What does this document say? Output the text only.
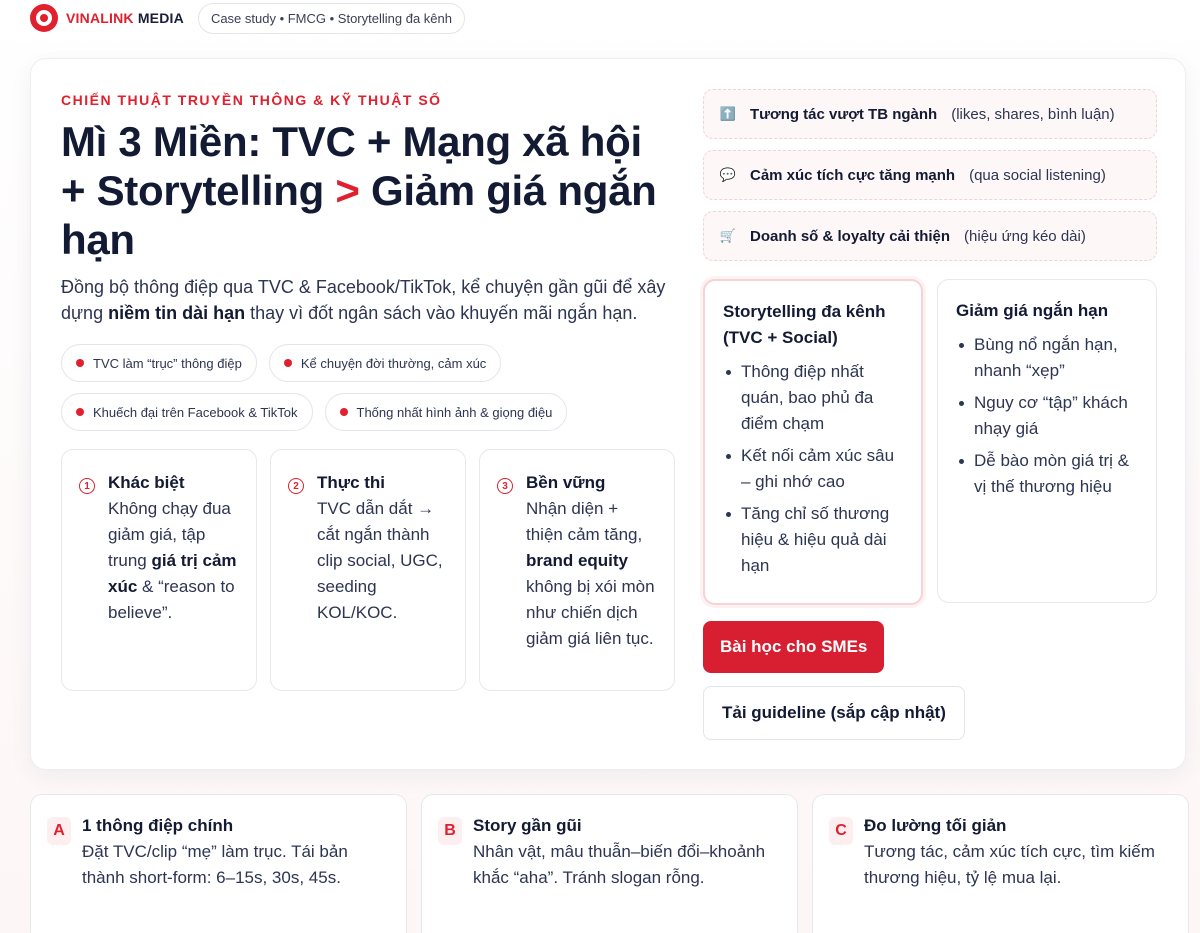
VINALINK MEDIA	Case study • FMCG • Storytelling đa kênh
CHIẾN THUẬT TRUYỀN THÔNG & KỸ THUẬT SỐ
Mì 3 Miền: TVC + Mạng xã hội + Storytelling > Giảm giá ngắn hạn

Đồng bộ thông điệp qua TVC & Facebook/TikTok, kể chuyện gần gũi để xây dựng niềm tin dài hạn thay vì đốt ngân sách vào khuyến mãi ngắn hạn.

TVC làm “trục” thông điệp	Kể chuyện đời thường, cảm xúc
Khuếch đại trên Facebook & TikTok	Thống nhất hình ảnh & giọng điệu
1	Khác biệt
Không chạy đua giảm giá, tập trung giá trị cảm xúc & “reason to believe”.
2	Thực thi
TVC dẫn dắt → cắt ngắn thành clip social, UGC, seeding KOL/KOC.
3	Bền vững
Nhận diện + thiện cảm tăng, brand equity không bị xói mòn như chiến dịch giảm giá liên tục.
⬆️ Tương tác vượt TB ngành (likes, shares, bình luận)
💬 Cảm xúc tích cực tăng mạnh (qua social listening)
🛒 Doanh số & loyalty cải thiện (hiệu ứng kéo dài)
Storytelling đa kênh (TVC + Social)
Thông điệp nhất quán, bao phủ đa điểm chạm
Kết nối cảm xúc sâu – ghi nhớ cao
Tăng chỉ số thương hiệu & hiệu quả dài hạn
Giảm giá ngắn hạn
Bùng nổ ngắn hạn, nhanh “xẹp”
Nguy cơ “tập” khách nhạy giá
Dễ bào mòn giá trị & vị thế thương hiệu
Bài học cho SMEs
Tải guideline (sắp cập nhật)
A	1 thông điệp chính
Đặt TVC/clip “mẹ” làm trục. Tái bản thành short-form: 6–15s, 30s, 45s.
B	Story gần gũi
Nhân vật, mâu thuẫn–biến đổi–khoảnh khắc “aha”. Tránh slogan rỗng.
C	Đo lường tối giản
Tương tác, cảm xúc tích cực, tìm kiếm thương hiệu, tỷ lệ mua lại.
